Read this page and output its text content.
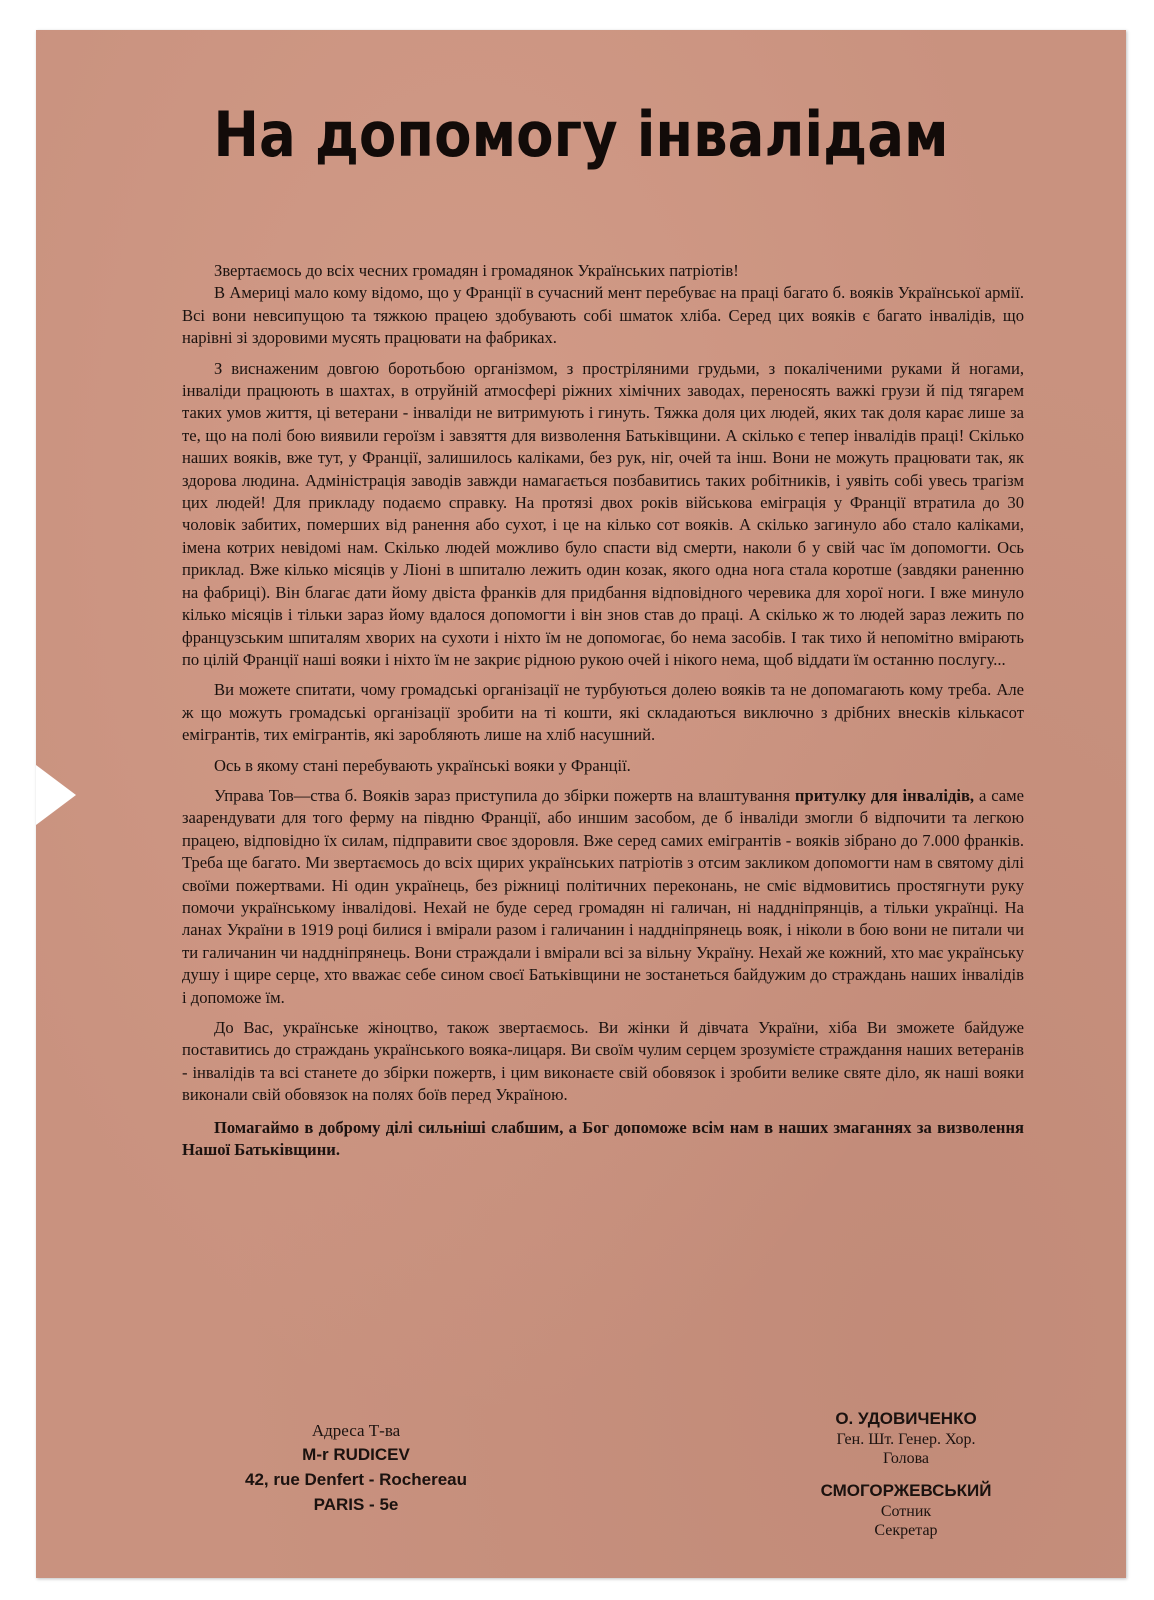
На допомогу інвалідам

Звертаємось до всіх чесних громадян і громадянок Українських патріотів!

В Америці мало кому відомо, що у Франції в сучасний мент перебуває на праці багато б. вояків Української армії. Всі вони невсипущою та тяжкою працею здобувають собі шматок хліба. Серед цих вояків є багато інвалідів, що нарівні зі здоровими мусять працювати на фабриках.

З виснаженим довгою боротьбою організмом, з простріляними грудьми, з покаліченими руками й ногами, інваліди працюють в шахтах, в отруйній атмосфері ріжних хімічних заводах, переносять важкі грузи й під тягарем таких умов життя, ці ветерани - інваліди не витримують і гинуть. Тяжка доля цих людей, яких так доля карає лише за те, що на полі бою виявили героїзм і завзяття для визволення Батьківщини. А скілько є тепер інвалідів праці! Скілько наших вояків, вже тут, у Франції, залишилось каліками, без рук, ніг, очей та інш. Вони не можуть працювати так, як здорова людина. Адміністрація заводів завжди намагається позбавитись таких робітників, і уявіть собі увесь трагізм цих людей! Для прикладу подаємо справку. На протязі двох років військова еміграція у Франції втратила до 30 чоловік забитих, померших від ранення або сухот, і це на кілько сот вояків. А скілько загинуло або стало каліками, імена котрих невідомі нам. Скілько людей можливо було спасти від смерти, наколи б у свій час їм допомогти. Ось приклад. Вже кілько місяців у Ліоні в шпиталю лежить один козак, якого одна нога стала коротше (завдяки раненню на фабриці). Він благає дати йому двіста франків для придбання відповідного черевика для хорої ноги. І вже минуло кілько місяців і тільки зараз йому вдалося допомогти і він знов став до праці. А скілько ж то людей зараз лежить по французським шпиталям хворих на сухоти і ніхто їм не допомогає, бо нема засобів. І так тихо й непомітно вмірають по цілій Франції наші вояки і ніхто їм не закриє рідною рукою очей і нікого нема, щоб віддати їм останню послугу...

Ви можете спитати, чому громадські організації не турбуються долею вояків та не допомагають кому треба. Але ж що можуть громадські організації зробити на ті кошти, які складаються виключно з дрібних внесків кількасот емігрантів, тих емігрантів, які заробляють лише на хліб насушний.

Ось в якому стані перебувають українські вояки у Франції.

Управа Тов—ства б. Вояків зараз приступила до збірки пожертв на влаштування притулку для інвалідів, а саме заарендувати для того ферму на півдню Франції, або иншим засобом, де б інваліди змогли б відпочити та легкою працею, відповідно їх силам, підправити своє здоровля. Вже серед самих емігрантів - вояків зібрано до 7.000 франків. Треба ще багато. Ми звертаємось до всіх щирих українських патріотів з отсим закликом допомогти нам в святому ділі своїми пожертвами. Ні один українець, без ріжниці політичних переконань, не сміє відмовитись простягнути руку помочи українському інвалідові. Нехай не буде серед громадян ні галичан, ні наддніпрянців, а тільки українці. На ланах України в 1919 році билися і вмірали разом і галичанин і наддніпрянець вояк, і ніколи в бою вони не питали чи ти галичанин чи наддніпрянець. Вони страждали і вмірали всі за вільну Україну. Нехай же кожний, хто має українську душу і щире серце, хто вважає себе сином своєї Батьківщини не зостанеться байдужим до страждань наших інвалідів і допоможе їм.

До Вас, українське жіноцтво, також звертаємось. Ви жінки й дівчата України, хіба Ви зможете байдуже поставитись до страждань українського вояка-лицаря. Ви своїм чулим серцем зрозумієте страждання наших ветеранів - інвалідів та всі станете до збірки пожертв, і цим виконаєте свій обовязок і зробити велике святе діло, як наші вояки виконали свій обовязок на полях боїв перед Україною.

Помагаймо в доброму ділі сильніші слабшим, а Бог допоможе всім нам в наших змаганнях за визволення Нашої Батьківщини.

Адреса Т-ва
M-r RUDICEV
42, rue Denfert - Rochereau
PARIS - 5e
О. УДОВИЧЕНКО
Ген. Шт. Генер. Хор.
Голова
СМОГОРЖЕВСЬКИЙ
Сотник
Секретар
